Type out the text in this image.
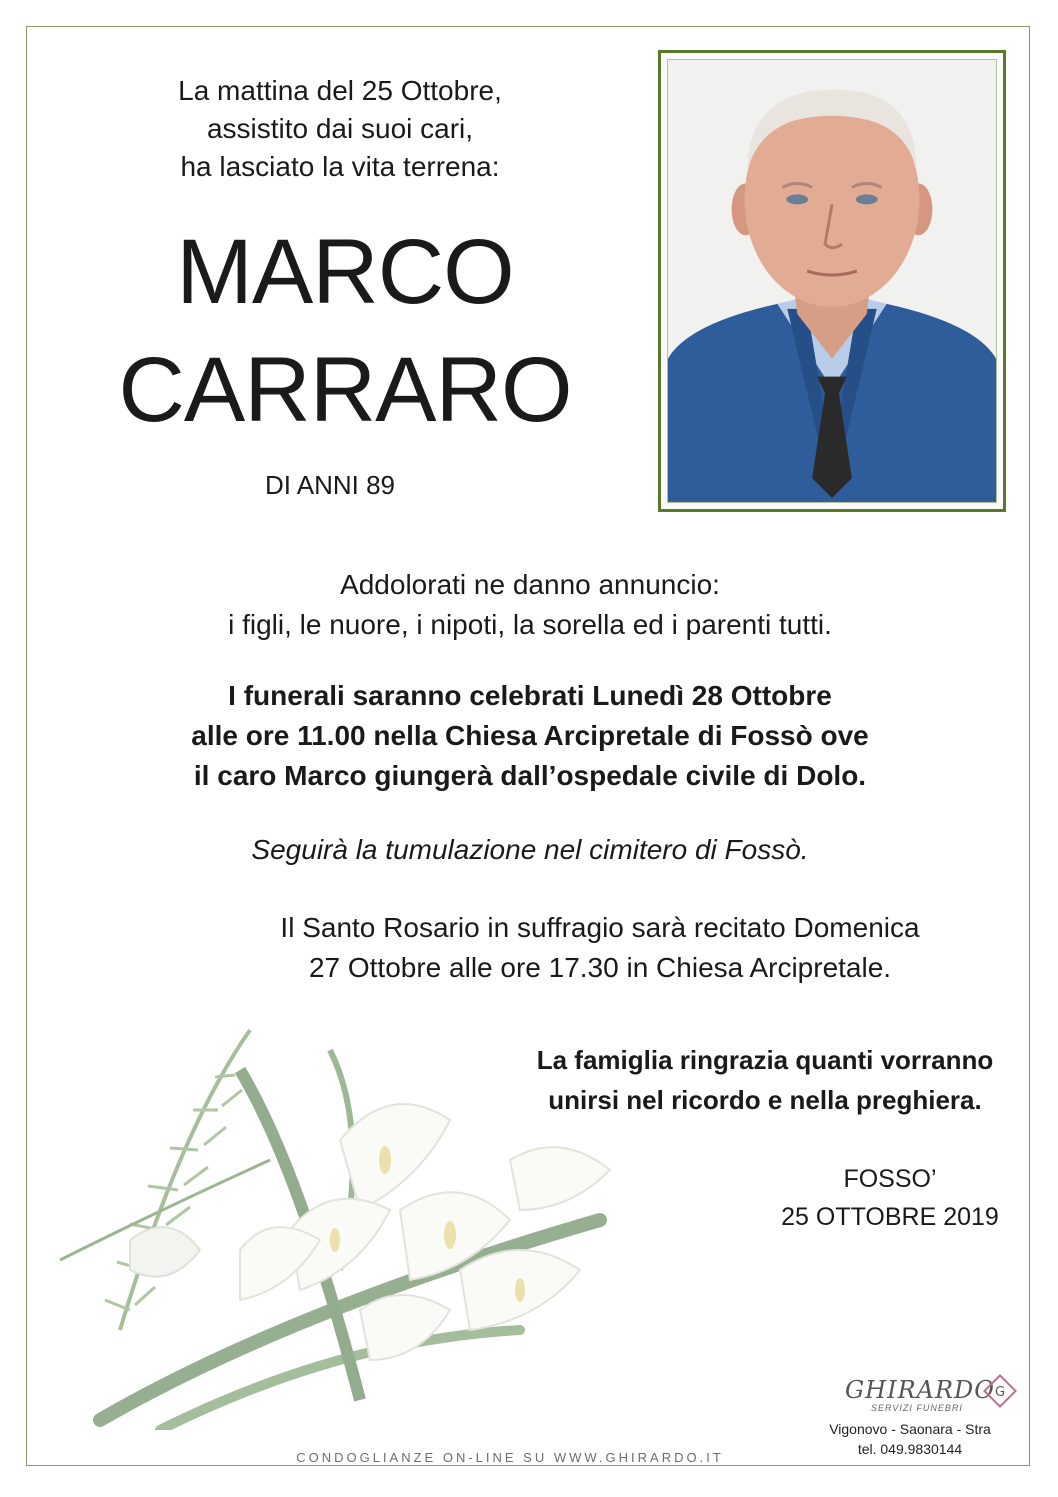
La mattina del 25 Ottobre,
assistito dai suoi cari,
ha lasciato la vita terrena:
MARCO
CARRARO
DI ANNI 89
Addolorati ne danno annuncio:
i figli, le nuore, i nipoti, la sorella ed i parenti tutti.
I funerali saranno celebrati Lunedì 28 Ottobre
alle ore 11.00 nella Chiesa Arcipretale di Fossò ove
il caro Marco giungerà dall’ospedale civile di Dolo.
Seguirà la tumulazione nel cimitero di Fossò.
Il Santo Rosario in suffragio sarà recitato Domenica
27 Ottobre alle ore 17.30 in Chiesa Arcipretale.
La famiglia ringrazia quanti vorranno
unirsi nel ricordo e nella preghiera.
FOSSO’
25 OTTOBRE 2019
GHIRARDO
SERVIZI FUNEBRI
G
Vigonovo - Saonara - Stra
tel. 049.9830144
CONDOGLIANZE ON-LINE SU WWW.GHIRARDO.IT
